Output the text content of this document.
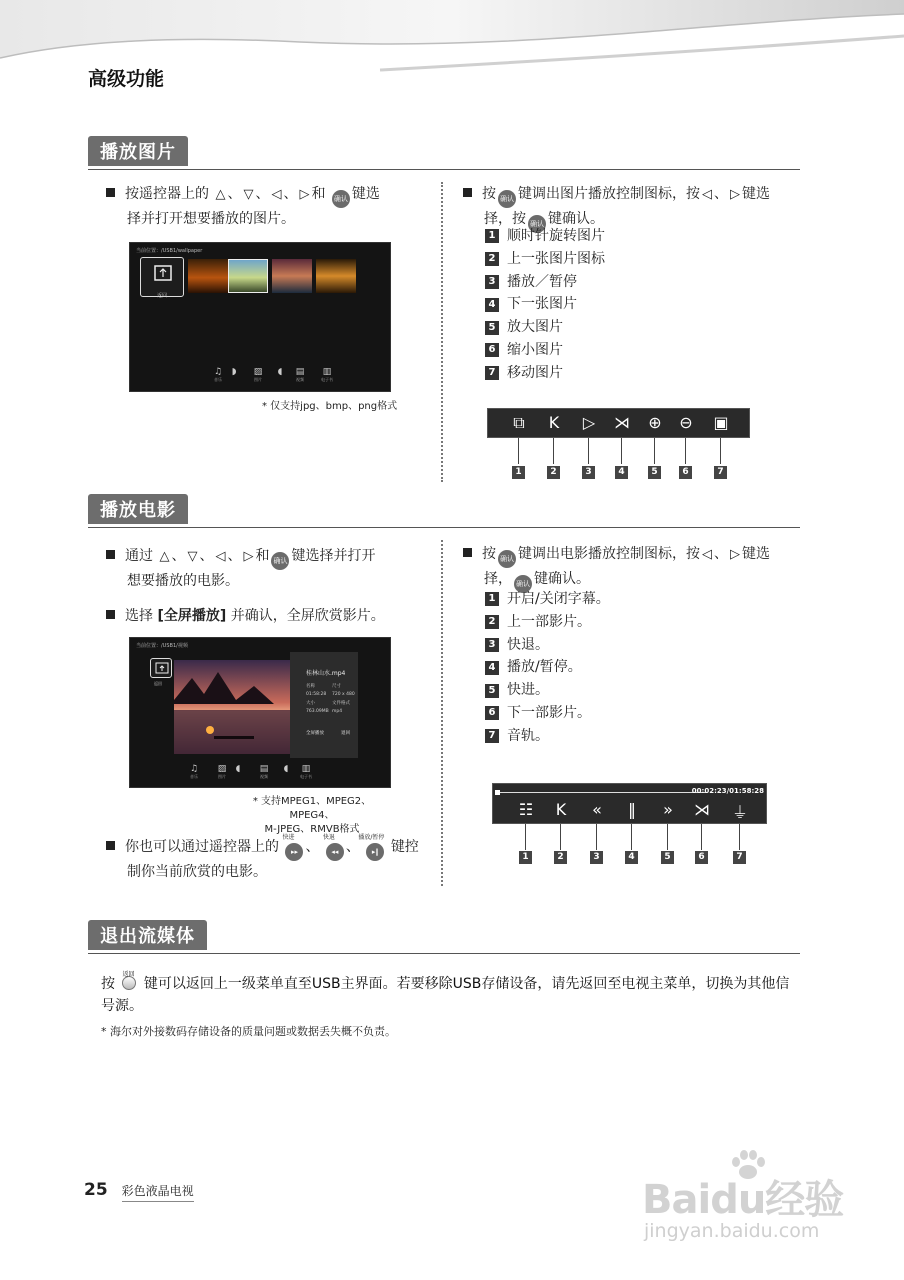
高级功能
播放图片
按遥控器上的 △ 、 ▽ 、 ◁ 、 ▷ 和 确认 键选
择并打开想要播放的图片。
当前位置：/USB1/wallpaper
返回
♫
音乐
◗	▨
图片
◖	▤
视频
▥
电子书
* 仅支持jpg、bmp、png格式
按 确认 键调出图片播放控制图标，按 ◁ 、 ▷ 键选
择，按 确认 键确认。
1 顺时针旋转图片
2 上一张图片图标
3 播放／暂停
4 下一张图片
5 放大图片
6 缩小图片
7 移动图片
⧉	K	▷	⋊	⊕	⊖	▣
1	2	3	4	5	6	7
播放电影
通过 △ 、 ▽ 、 ◁ 、 ▷ 和 确认 键选择并打开
想要播放的电影。
选择 [全屏播放] 并确认，全屏欣赏影片。
当前位置：/USB1/视频
返回
桂林山水.mp4
名称	尺寸
01:58:28	720 x 480
大小	文件格式
763.09MB mp4
全屏播放	退回
♫
音乐
▨
图片
◖	▤
视频
◖	▥
电子书
* 支持MPEG1、MPEG2、MPEG4、
M-JPEG、RMVB格式
你也可以通过遥控器上的
快进
▸▸ 、
快退
◂◂ 、
播放/暂停
▸‖ 键控
制你当前欣赏的电影。
按 确认 键调出电影播放控制图标，按 ◁ 、 ▷ 键选
择， 确认 键确认。
1 开启/关闭字幕。
2 上一部影片。
3 快退。
4 播放/暂停。
5 快进。
6 下一部影片。
7 音轨。
00:02:23/01:58:28
☷	K	«	‖	»	⋊ ⏚
1	2	3	4	5	6	7
退出流媒体
按
返回
键可以返回上一级菜单直至USB主界面。若要移除USB存储设备，请先返回至电视主菜单，切换为其他信号源。
* 海尔对外接数码存储设备的质量问题或数据丢失概不负责。
25 彩色液晶电视	Baidu经验
jingyan.baidu.com
